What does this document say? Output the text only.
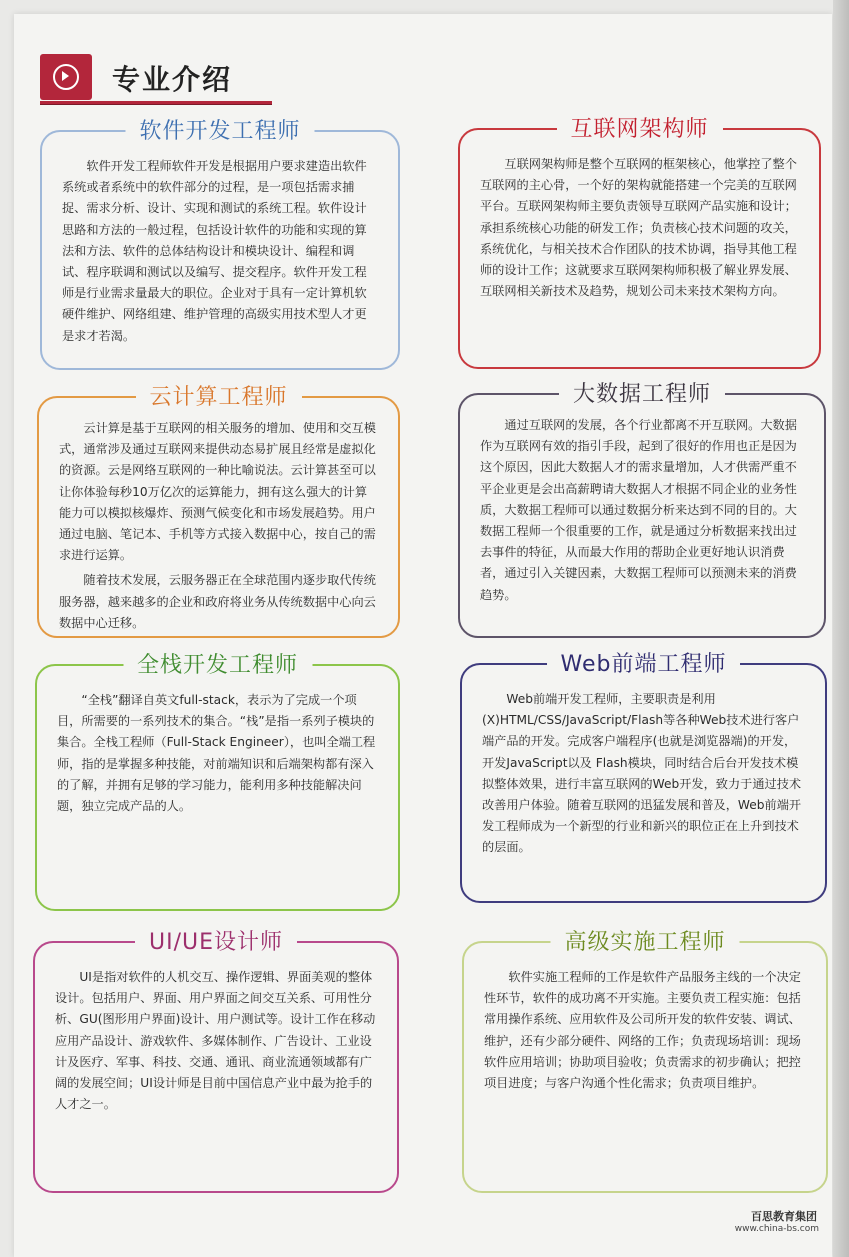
专业介绍
软件开发工程师

软件开发工程师软件开发是根据用户要求建造出软件系统或者系统中的软件部分的过程，是一项包括需求捕捉、需求分析、设计、实现和测试的系统工程。软件设计思路和方法的一般过程，包括设计软件的功能和实现的算法和方法、软件的总体结构设计和模块设计、编程和调试、程序联调和测试以及编写、提交程序。软件开发工程师是行业需求量最大的职位。企业对于具有一定计算机软硬件维护、网络组建、维护管理的高级实用技术型人才更是求才若渴。

云计算工程师

云计算是基于互联网的相关服务的增加、使用和交互模式，通常涉及通过互联网来提供动态易扩展且经常是虚拟化的资源。云是网络互联网的一种比喻说法。云计算甚至可以让你体验每秒10万亿次的运算能力，拥有这么强大的计算能力可以模拟核爆炸、预测气候变化和市场发展趋势。用户通过电脑、笔记本、手机等方式接入数据中心，按自己的需求进行运算。

随着技术发展，云服务器正在全球范围内逐步取代传统服务器，越来越多的企业和政府将业务从传统数据中心向云数据中心迁移。

全栈开发工程师

“全栈”翻译自英文full-stack，表示为了完成一个项目，所需要的一系列技术的集合。“栈”是指一系列子模块的集合。全栈工程师（Full-Stack Engineer），也叫全端工程师，指的是掌握多种技能，对前端知识和后端架构都有深入的了解，并拥有足够的学习能力，能利用多种技能解决问题，独立完成产品的人。

UI/UE设计师

UI是指对软件的人机交互、操作逻辑、界面美观的整体设计。包括用户、界面、用户界面之间交互关系、可用性分析、GU(图形用户界面)设计、用户测试等。设计工作在移动应用产品设计、游戏软件、多媒体制作、广告设计、工业设计及医疗、军事、科技、交通、通讯、商业流通领域都有广阔的发展空间；UI设计师是目前中国信息产业中最为抢手的人才之一。

互联网架构师

互联网架构师是整个互联网的框架核心，他掌控了整个互联网的主心骨，一个好的架构就能搭建一个完美的互联网平台。互联网架构师主要负责领导互联网产品实施和设计；承担系统核心功能的研发工作；负责核心技术问题的攻关，系统优化，与相关技术合作团队的技术协调，指导其他工程师的设计工作；这就要求互联网架构师积极了解业界发展、互联网相关新技术及趋势，规划公司未来技术架构方向。

大数据工程师

通过互联网的发展，各个行业都离不开互联网。大数据作为互联网有效的指引手段，起到了很好的作用也正是因为这个原因，因此大数据人才的需求量增加，人才供需严重不平企业更是会出高薪聘请大数据人才根据不同企业的业务性质，大数据工程师可以通过数据分析来达到不同的目的。大数据工程师一个很重要的工作，就是通过分析数据来找出过去事件的特征，从而最大作用的帮助企业更好地认识消费者，通过引入关键因素，大数据工程师可以预测未来的消费趋势。

Web前端工程师

Web前端开发工程师，主要职责是利用(X)HTML/CSS/JavaScript/Flash等各种Web技术进行客户端产品的开发。完成客户端程序(也就是浏览器端)的开发，开发JavaScript以及 Flash模块，同时结合后台开发技术模拟整体效果，进行丰富互联网的Web开发，致力于通过技术改善用户体验。随着互联网的迅猛发展和普及，Web前端开发工程师成为一个新型的行业和新兴的职位正在上升到技术的层面。

高级实施工程师

软件实施工程师的工作是软件产品服务主线的一个决定性环节，软件的成功离不开实施。主要负责工程实施：包括常用操作系统、应用软件及公司所开发的软件安装、调试、维护，还有少部分硬件、网络的工作；负责现场培训：现场软件应用培训；协助项目验收；负责需求的初步确认；把控项目进度；与客户沟通个性化需求；负责项目维护。

百思教育集团
www.china-bs.com
